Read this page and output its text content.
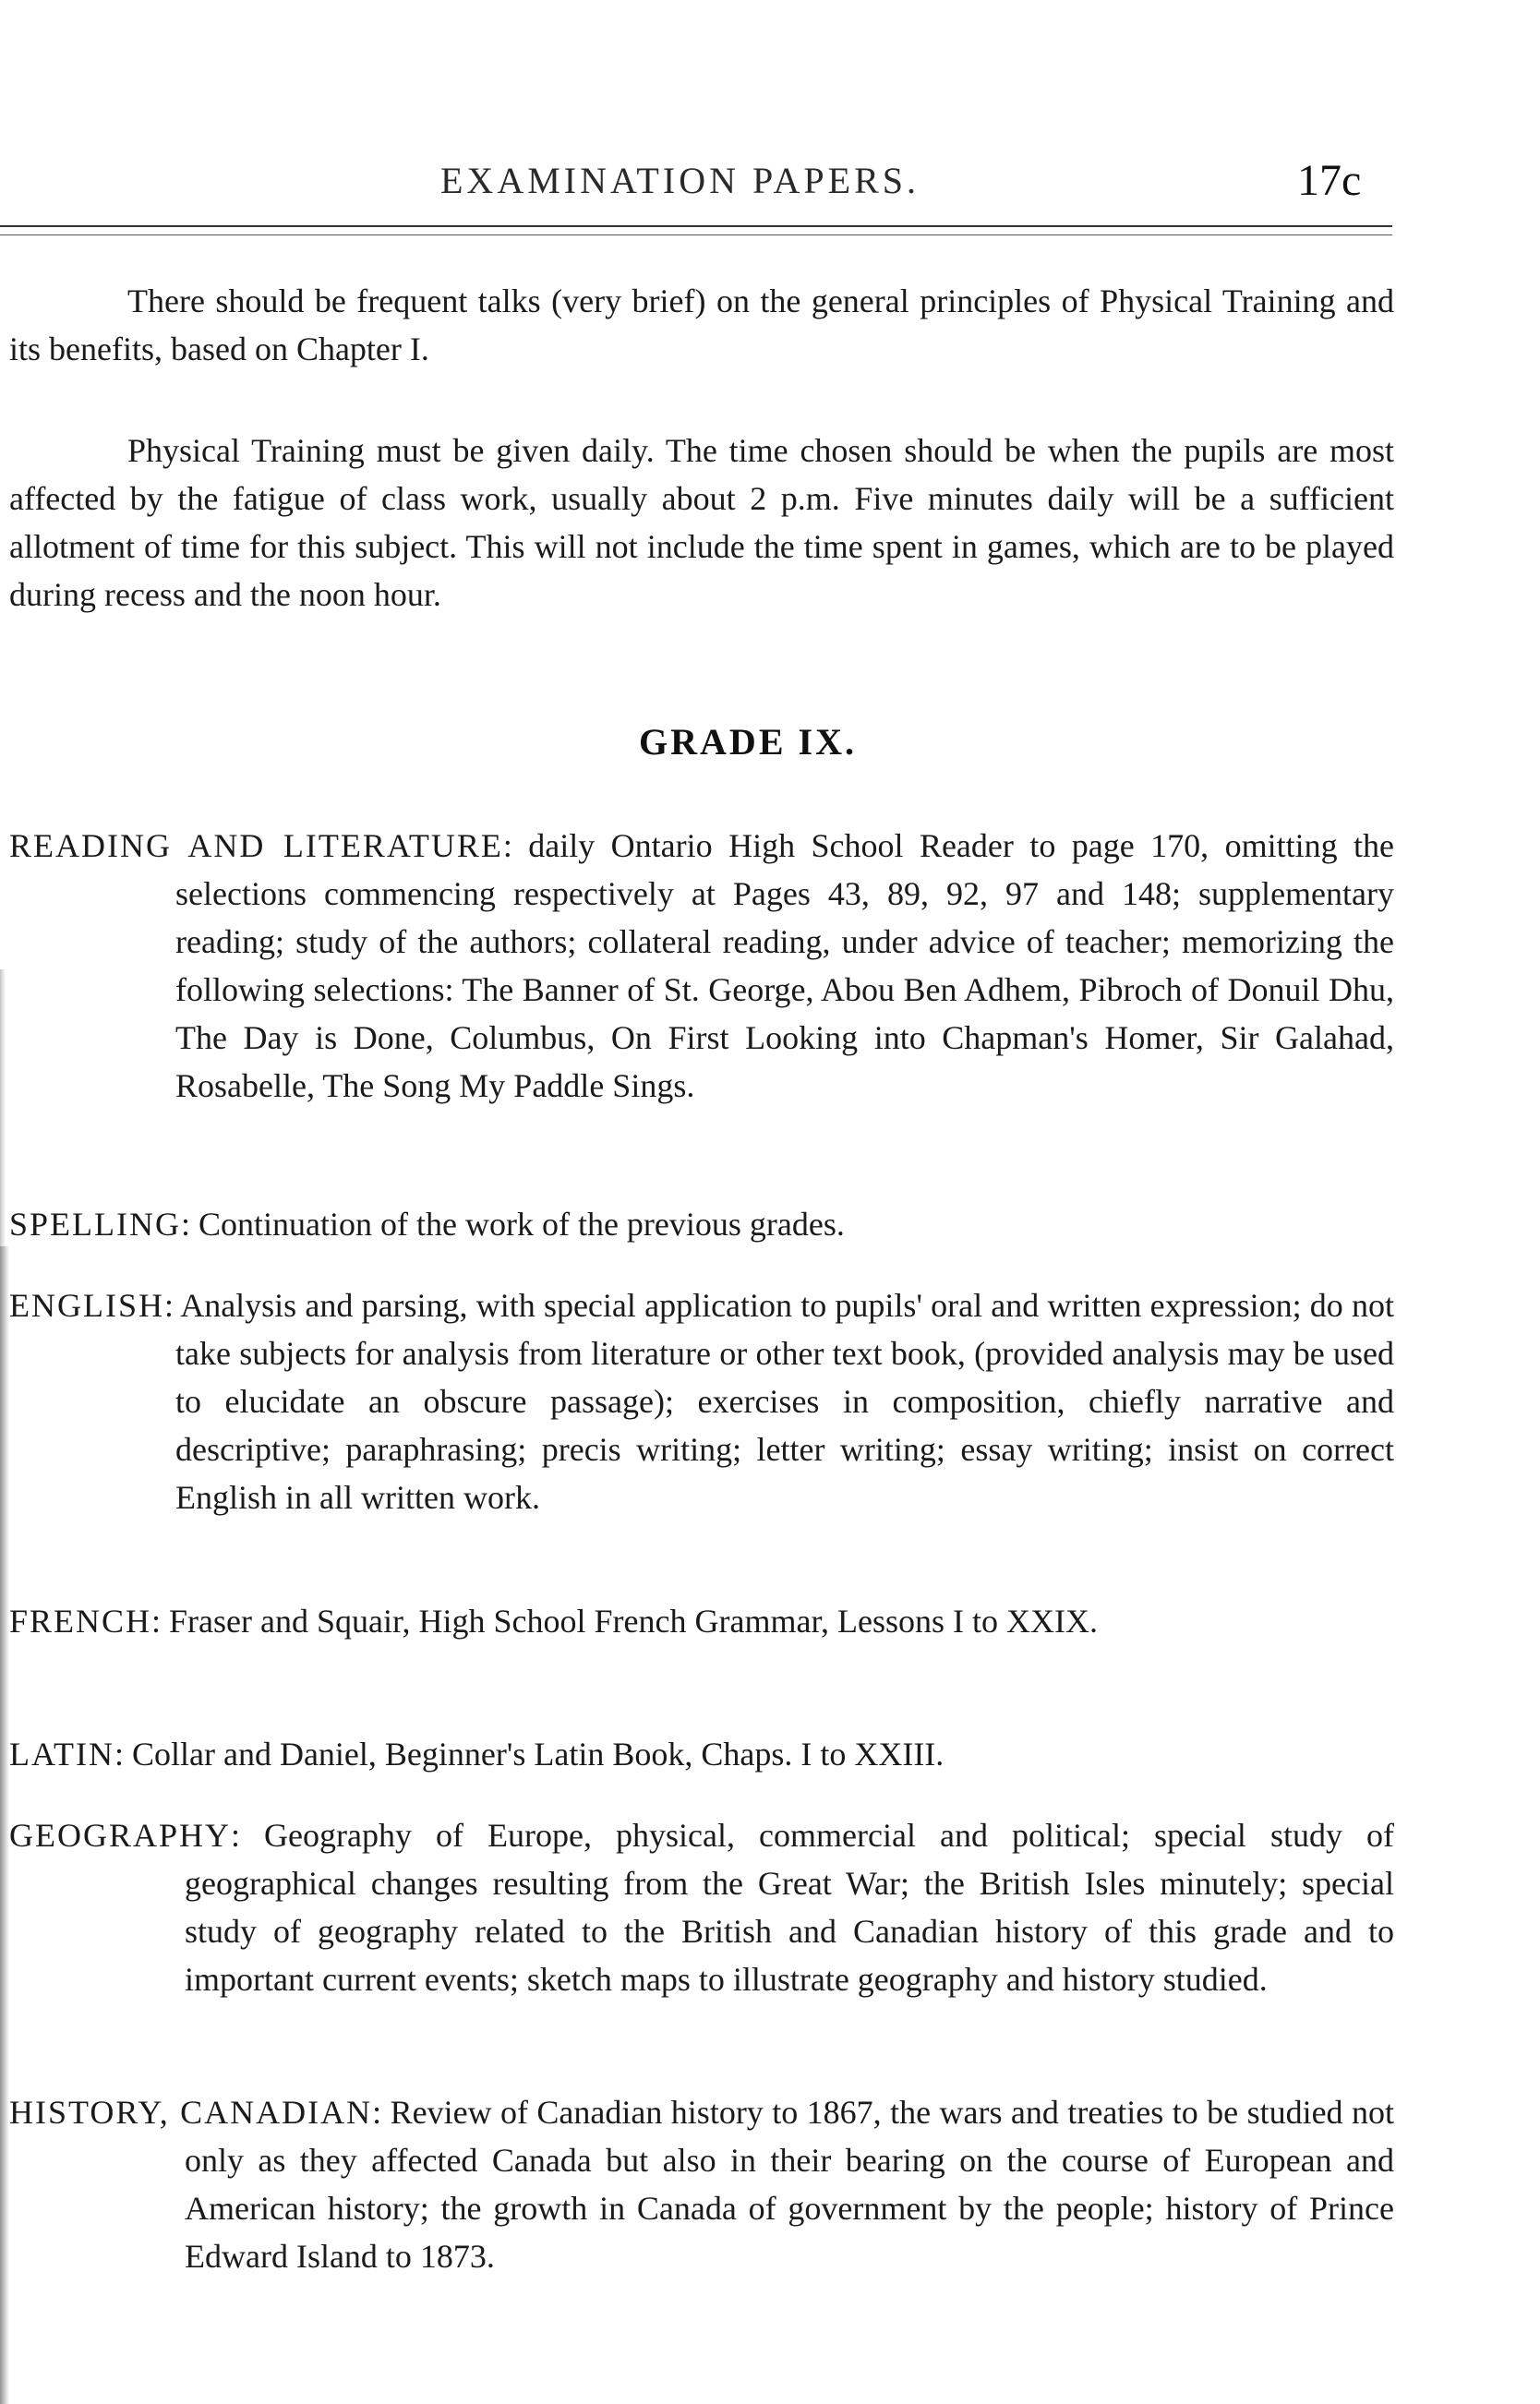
EXAMINATION PAPERS.	17c

There should be frequent talks (very brief) on the general principles of Physical Training and its benefits, based on Chapter I.

Physical Training must be given daily. The time chosen should be when the pupils are most affected by the fatigue of class work, usually about 2 p.m. Five minutes daily will be a sufficient allotment of time for this subject. This will not include the time spent in games, which are to be played during recess and the noon hour.

GRADE IX.

READING AND LITERATURE: daily Ontario High School Reader to page 170, omitting the selections commencing respectively at Pages 43, 89, 92, 97 and 148; supplementary reading; study of the authors; collateral reading, under advice of teacher; memorizing the following selections: The Banner of St. George, Abou Ben Adhem, Pibroch of Donuil Dhu, The Day is Done, Columbus, On First Looking into Chapman's Homer, Sir Galahad, Rosabelle, The Song My Paddle Sings.

SPELLING: Continuation of the work of the previous grades.

ENGLISH: Analysis and parsing, with special application to pupils' oral and written expression; do not take subjects for analysis from literature or other text book, (provided analysis may be used to elucidate an obscure passage); exercises in composition, chiefly narrative and descriptive; paraphrasing; precis writing; letter writing; essay writing; insist on correct English in all written work.

FRENCH: Fraser and Squair, High School French Grammar, Lessons I to XXIX.

LATIN: Collar and Daniel, Beginner's Latin Book, Chaps. I to XXIII.

GEOGRAPHY: Geography of Europe, physical, commercial and political; special study of geographical changes resulting from the Great War; the British Isles minutely; special study of geography related to the British and Canadian history of this grade and to important current events; sketch maps to illustrate geography and history studied.

HISTORY, CANADIAN: Review of Canadian history to 1867, the wars and treaties to be studied not only as they affected Canada but also in their bearing on the course of European and American history; the growth in Canada of government by the people; history of Prince Edward Island to 1873.
